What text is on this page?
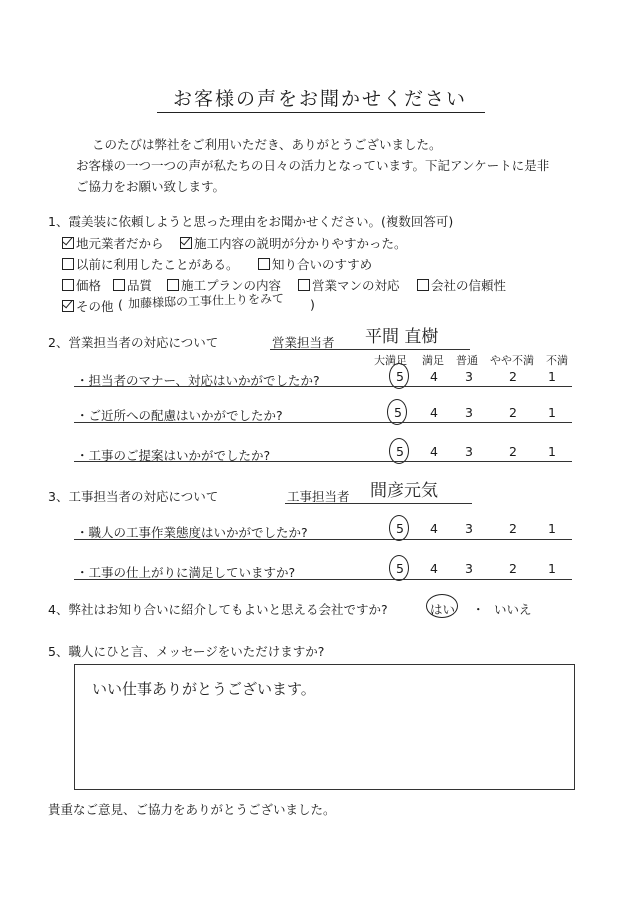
お客様の声をお聞かせください
このたびは弊社をご利用いただき、ありがとうございました。
お客様の一つ一つの声が私たちの日々の活力となっています。下記アンケートに是非
ご協力をお願い致します。
1、霞美装に依頼しようと思った理由をお聞かせください。(複数回答可)
地元業者だから	施工内容の説明が分かりやすかった。
以前に利用したことがある。	知り合いのすすめ
価格	品質	施工プランの内容	営業マンの対応	会社の信頼性
その他 ( 加藤様邸の工事仕上りをみて )
2、営業担当者の対応について	営業担当者 平間 直樹
大満足 満足 普通 やや不満 不満
・担当者のマナー、対応はいかがでしたか?	5	4	3	2	1
・ご近所への配慮はいかがでしたか?	5	4	3	2	1
・工事のご提案はいかがでしたか?	5	4	3	2	1
3、工事担当者の対応について	工事担当者 間彦元気
・職人の工事作業態度はいかがでしたか?	5	4	3	2	1
・工事の仕上がりに満足していますか?	5	4	3	2	1
4、弊社はお知り合いに紹介してもよいと思える会社ですか?	はい ・ いいえ
5、職人にひと言、メッセージをいただけますか?
いい仕事ありがとうございます。
貴重なご意見、ご協力をありがとうございました。
